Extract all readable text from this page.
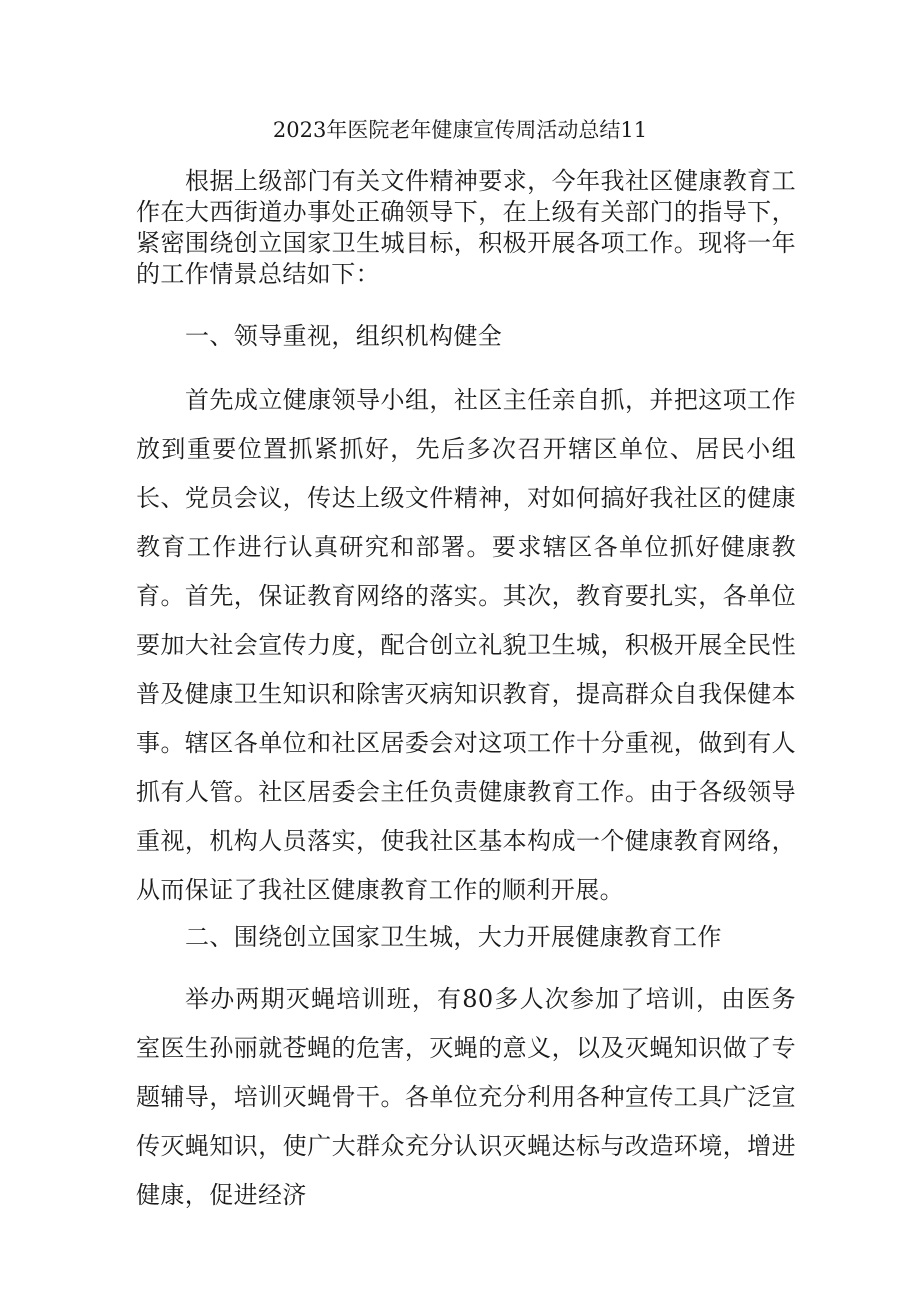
2023年医院老年健康宣传周活动总结11

根据上级部门有关文件精神要求，今年我社区健康教育工作在大西街道办事处正确领导下，在上级有关部门的指导下，紧密围绕创立国家卫生城目标，积极开展各项工作。现将一年的工作情景总结如下：

一、领导重视，组织机构健全

首先成立健康领导小组，社区主任亲自抓，并把这项工作放到重要位置抓紧抓好，先后多次召开辖区单位、居民小组长、党员会议，传达上级文件精神，对如何搞好我社区的健康教育工作进行认真研究和部署。要求辖区各单位抓好健康教育。首先，保证教育网络的落实。其次，教育要扎实，各单位要加大社会宣传力度，配合创立礼貌卫生城，积极开展全民性普及健康卫生知识和除害灭病知识教育，提高群众自我保健本事。辖区各单位和社区居委会对这项工作十分重视，做到有人抓有人管。社区居委会主任负责健康教育工作。由于各级领导重视，机构人员落实，使我社区基本构成一个健康教育网络，从而保证了我社区健康教育工作的顺利开展。

二、围绕创立国家卫生城，大力开展健康教育工作

举办两期灭蝇培训班，有80多人次参加了培训，由医务室医生孙丽就苍蝇的危害，灭蝇的意义，以及灭蝇知识做了专题辅导，培训灭蝇骨干。各单位充分利用各种宣传工具广泛宣传灭蝇知识，使广大群众充分认识灭蝇达标与改造环境，增进健康，促进经济
